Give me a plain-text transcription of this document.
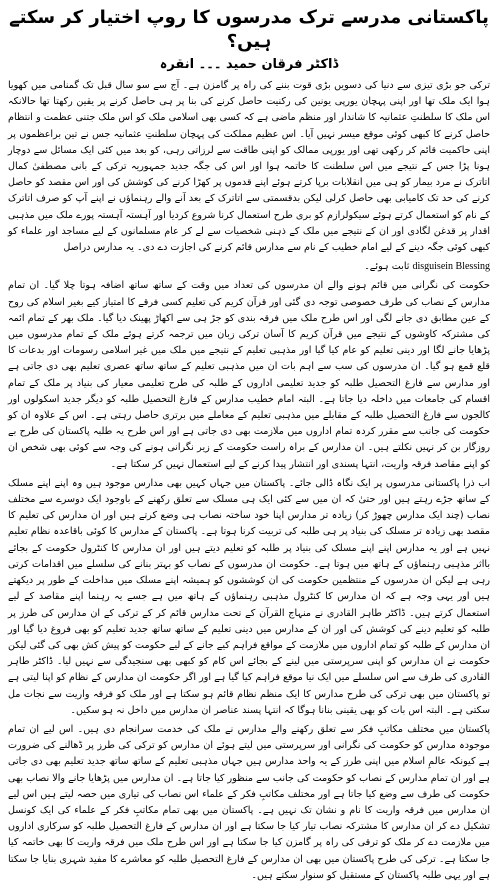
پاکستانی مدرسے ترک مدرسوں کا روپ اختیار کر سکتے ہیں؟
ڈاکٹر فرقان حمید ۔۔۔ انقرہ

ترکی جو بڑی تیزی سے دنیا کی دسویں بڑی قوت بننے کی راہ پر گامزن ہے۔ آج سے سو سال قبل تک گمنامی میں کھویا ہوا ایک ملک تھا اور اپنی پہچان یورپی یونین کی رکنیت حاصل کرنے کی بنا پر ہی حاصل کرنے پر یقین رکھتا تھا حالانکہ اس ملک کا سلطنتِ عثمانیہ کا شاندار اور منظم ماضی ہے کہ کسی بھی اسلامی ملک کو اس ملک جتنی عظمت و انتظام حاصل کرنے کا کبھی کوئی موقع میسر نہیں آیا۔ اس عظیم مملکت کی پہچان سلطنتِ عثمانیہ جس نے تین براعظموں پر اپنی حاکمیت قائم کر رکھی تھی اور یورپی ممالک کو اپنی طاقت سے لرزاتی رہی، کو بعد میں کئی ایک مسائل سے دوچار ہونا پڑا جس کے نتیجے میں اس سلطنت کا خاتمہ ہوا اور اس کی جگہ جدید جمہوریہ ترکی کے بانی مصطفیٰ کمال اتاترک نے مرد بیمار کو ہی میں انقلابات برپا کرتے ہوئے اپنے قدموں پر کھڑا کرنے کی کوشش کی اور اس مقصد کو حاصل کرنے کی حد تک کامیابی بھی حاصل کرلی لیکن بدقسمتی سے اتاترک کے بعد آنے والے رہنماؤں نے اپنے آپ کو صرف اتاترک کے نام کو استعمال کرتے ہوئے سیکولرازم کو بری طرح استعمال کرنا شروع کردیا اور آہستہ آہستہ پورے ملک میں مذہبی اقدار پر قدغن لگادی اور ان کے نتیجے میں ملک کے ذہنی شخصیات سے لے کر عام مسلمانوں کے لیے مساجد اور علماء کو کبھی کوئی جگہ دینے کے لیے امام خطیب کے نام سے مدارس قائم کرنے کی اجازت دے دی۔ یہ مدارس دراصل

disguisein Blessing ثابت ہوئے۔

حکومت کی نگرانی میں قائم ہونے والے ان مدرسوں کی تعداد میں وقت کے ساتھ ساتھ اضافہ ہوتا چلا گیا۔ ان تمام مدارس کے نصاب کی طرف خصوصی توجہ دی گئی اور قرآن کریم کی تعلیم کسی فرقے کا امتیاز کیے بغیر اسلام کی روح کے عین مطابق دی جانے لگی اور اس طرح ملک میں فرقہ بندی کو جڑ ہی سے اکھاڑ پھینک دیا گیا۔ ملک بھر کے تمام ائمہ کی مشترکہ کاوشوں کے نتیجے میں قرآن کریم کا آسان ترکی زبان میں ترجمہ کرتے ہوئے ملک کے تمام مدرسوں میں پڑھایا جانے لگا اور دینی تعلیم کو عام کیا گیا اور مذہبی تعلیم کے نتیجے میں ملک میں غیر اسلامی رسومات اور بدعات کا قلع قمع ہو گیا۔ ان مدرسوں کی سب سے اہم بات ان میں مذہبی تعلیم کے ساتھ ساتھ عصری تعلیم بھی دی جاتی ہے اور مدارس سے فارغ التحصیل طلبہ کو جدید تعلیمی اداروں کے طلبہ کی طرح تعلیمی معیار کی بنیاد پر ملک کے تمام اقسام کی جامعات میں داخلہ دیا جاتا ہے۔ البتہ امام خطیب مدارس کے فارغ التحصیل طلبہ کو دیگر جدید اسکولوں اور کالجوں سے فارغ التحصیل طلبہ کے مقابلے میں مذہبی تعلیم کے معاملے میں برتری حاصل رہتی ہے۔ اس کے علاوہ ان کو حکومت کی جانب سے مقرر کردہ تمام اداروں میں ملازمت بھی دی جاتی ہے اور اس طرح یہ طلبہ پاکستان کی طرح بے روزگار بن کر نہیں نکلتے ہیں۔ ان مدارس کے براہ راست حکومت کے زیر نگرانی ہونے کی وجہ سے کوئی بھی شخص ان کو اپنے مقاصد فرقہ واریت، انتہا پسندی اور انتشار پیدا کرنے کے لیے استعمال نہیں کر سکتا ہے۔

اب ذرا پاکستانی مدرسوں پر ایک نگاہ ڈالی جائے۔ پاکستان میں جہاں کہیں بھی مدارس موجود ہیں وہ اپنے اپنے مسلک کے ساتھ جڑے رہتے ہیں اور حتیٰ کہ ان میں سے کئی ایک ہی مسلک سے تعلق رکھنے کے باوجود ایک دوسرے سے مختلف نصاب (چند ایک مدارس چھوڑ کر) زیادہ تر مدارس اپنا خود ساختہ نصاب ہی وضع کرتے ہیں اور ان مدارس کی تعلیم کا مقصد بھی زیادہ تر مسلک کی بنیاد پر ہی طلبہ کی تربیت کرنا ہوتا ہے۔ پاکستان کے مدارس کا کوئی باقاعدہ نظام تعلیم نہیں ہے اور یہ مدارس اپنے اپنے مسلک کی بنیاد پر طلبہ کو تعلیم دیتے ہیں اور ان مدارس کا کنٹرول حکومت کے بجائے بااثر مذہبی رہنماؤں کے ہاتھ میں ہوتا ہے۔ حکومت ان مدرسوں کے نصاب کو بہتر بنانے کی سلسلے میں اقدامات کرتی رہی ہے لیکن ان مدرسوں کے منتظمین حکومت کی ان کوششوں کو ہمیشہ اپنے مسلک میں مداخلت کے طور پر دیکھتے ہیں اور یہی وجہ ہے کہ ان مدارس کا کنٹرول مذہبی رہنماؤں کے ہاتھ میں ہے جسے یہ رہنما اپنے مقاصد کے لیے استعمال کرتے ہیں۔ ڈاکٹر طاہر القادری نے منہاج القرآن کے تحت مدارس قائم کر کے ترکی کے ان مدارس کی طرز پر طلبہ کو تعلیم دینے کی کوشش کی اور ان کے مدارس میں دینی تعلیم کے ساتھ ساتھ جدید تعلیم کو بھی فروغ دیا گیا اور ان مدارس کے طلبہ کو تمام اداروں میں ملازمت کے مواقع فراہم کیے جانے کے لیے حکومت کو پیش کش بھی کی گئی لیکن حکومت نے ان مدارس کو اپنی سرپرستی میں لینے کے بجائے اس کام کو کبھی بھی سنجیدگی سے نہیں لیا۔ ڈاکٹر طاہر القادری کی طرف سے اس سلسلے میں ایک نیا موقع فراہم کیا گیا ہے اور اگر حکومت ان مدارس کے نظام کو اپنا لیتی ہے تو پاکستان میں بھی ترکی کی طرح مدارس کا ایک منظم نظام قائم ہو سکتا ہے اور ملک کو فرقہ واریت سے نجات مل سکتی ہے۔ البتہ اس بات کو بھی یقینی بنانا ہوگا کہ انتہا پسند عناصر ان مدارس میں داخل نہ ہو سکیں۔

پاکستان میں مختلف مکاتبِ فکر سے تعلق رکھنے والے مدارس نے ملک کی خدمت سرانجام دی ہیں۔ اس لیے ان تمام موجودہ مدارس کو حکومت کی نگرانی اور سرپرستی میں لیتے ہوئے ان مدارس کو ترکی کی طرز پر ڈھالنے کی ضرورت ہے کیونکہ عالمِ اسلام میں اپنی طرز کے یہ واحد مدارس ہیں جہاں مذہبی تعلیم کے ساتھ ساتھ جدید تعلیم بھی دی جاتی ہے اور ان تمام مدارس کے نصاب کو حکومت کی جانب سے منظور کیا جاتا ہے۔ ان مدارس میں پڑھایا جانے والا نصاب بھی حکومت کی طرف سے وضع کیا جاتا ہے اور مختلف مکاتبِ فکر کے علماء اس نصاب کی تیاری میں حصہ لیتے ہیں اس لیے ان مدارس میں فرقہ واریت کا نام و نشان تک نہیں ہے۔ پاکستان میں بھی تمام مکاتبِ فکر کے علماء کی ایک کونسل تشکیل دے کر ان مدارس کا مشترکہ نصاب تیار کیا جا سکتا ہے اور ان مدارس کے فارغ التحصیل طلبہ کو سرکاری اداروں میں ملازمت دے کر ملک کو ترقی کی راہ پر گامزن کیا جا سکتا ہے اور اس طرح ملک میں فرقہ واریت کا بھی خاتمہ کیا جا سکتا ہے۔ ترکی کی طرح پاکستان میں بھی ان مدارس کے فارغ التحصیل طلبہ کو معاشرے کا مفید شہری بنایا جا سکتا ہے اور یہی طلبہ پاکستان کے مستقبل کو سنوار سکتے ہیں۔
